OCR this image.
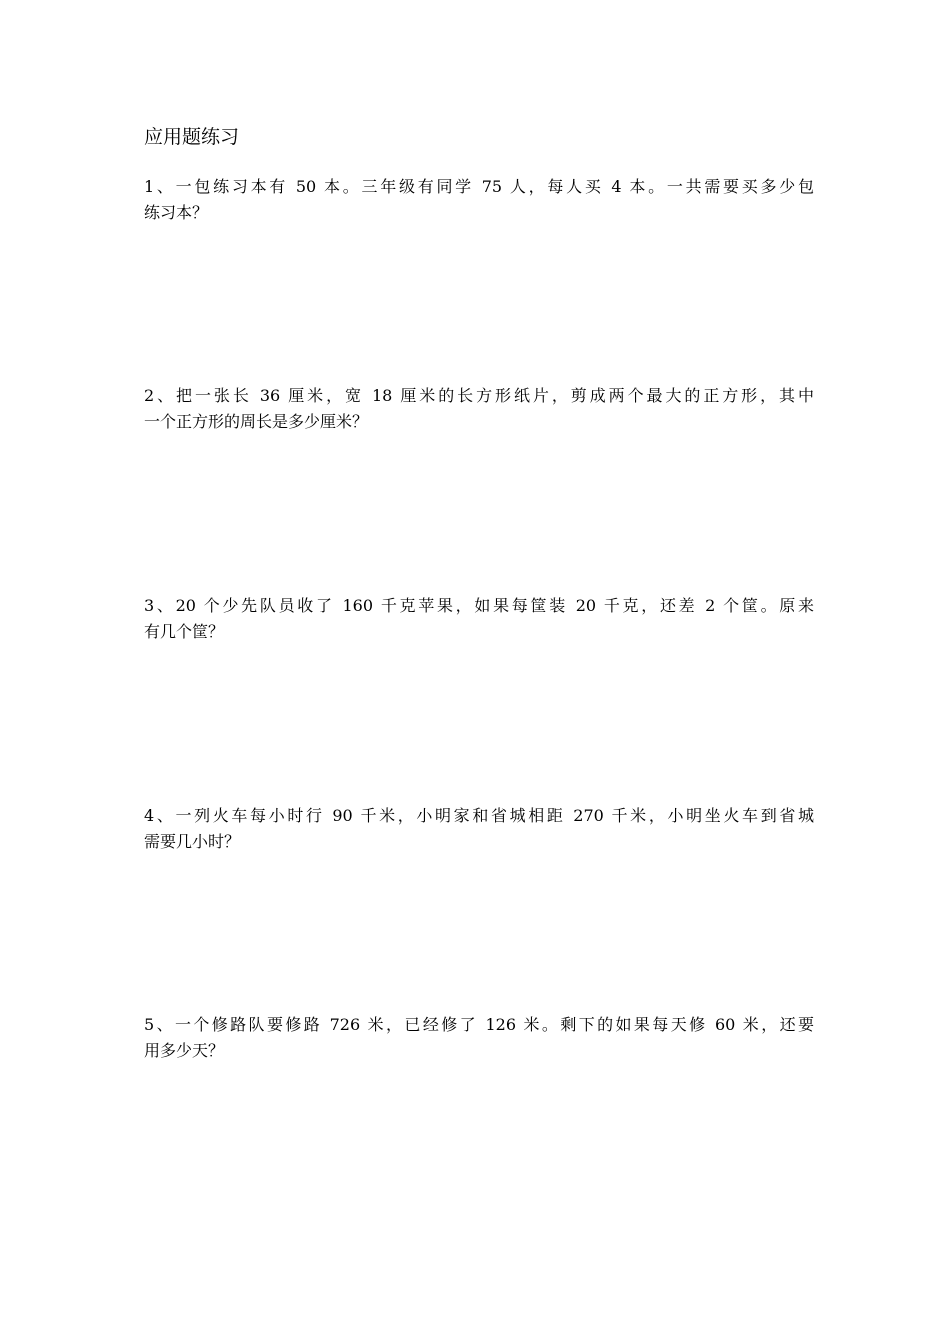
应用题练习
1、一包练习本有 50 本。三年级有同学 75 人，每人买 4 本。一共需要买多少包
练习本？
2、把一张长 36 厘米，宽 18 厘米的长方形纸片，剪成两个最大的正方形，其中
一个正方形的周长是多少厘米？
3、20 个少先队员收了 160 千克苹果，如果每筐装 20 千克，还差 2 个筐。原来
有几个筐？
4、一列火车每小时行 90 千米，小明家和省城相距 270 千米，小明坐火车到省城
需要几小时？
5、一个修路队要修路 726 米，已经修了 126 米。剩下的如果每天修 60 米，还要
用多少天？
